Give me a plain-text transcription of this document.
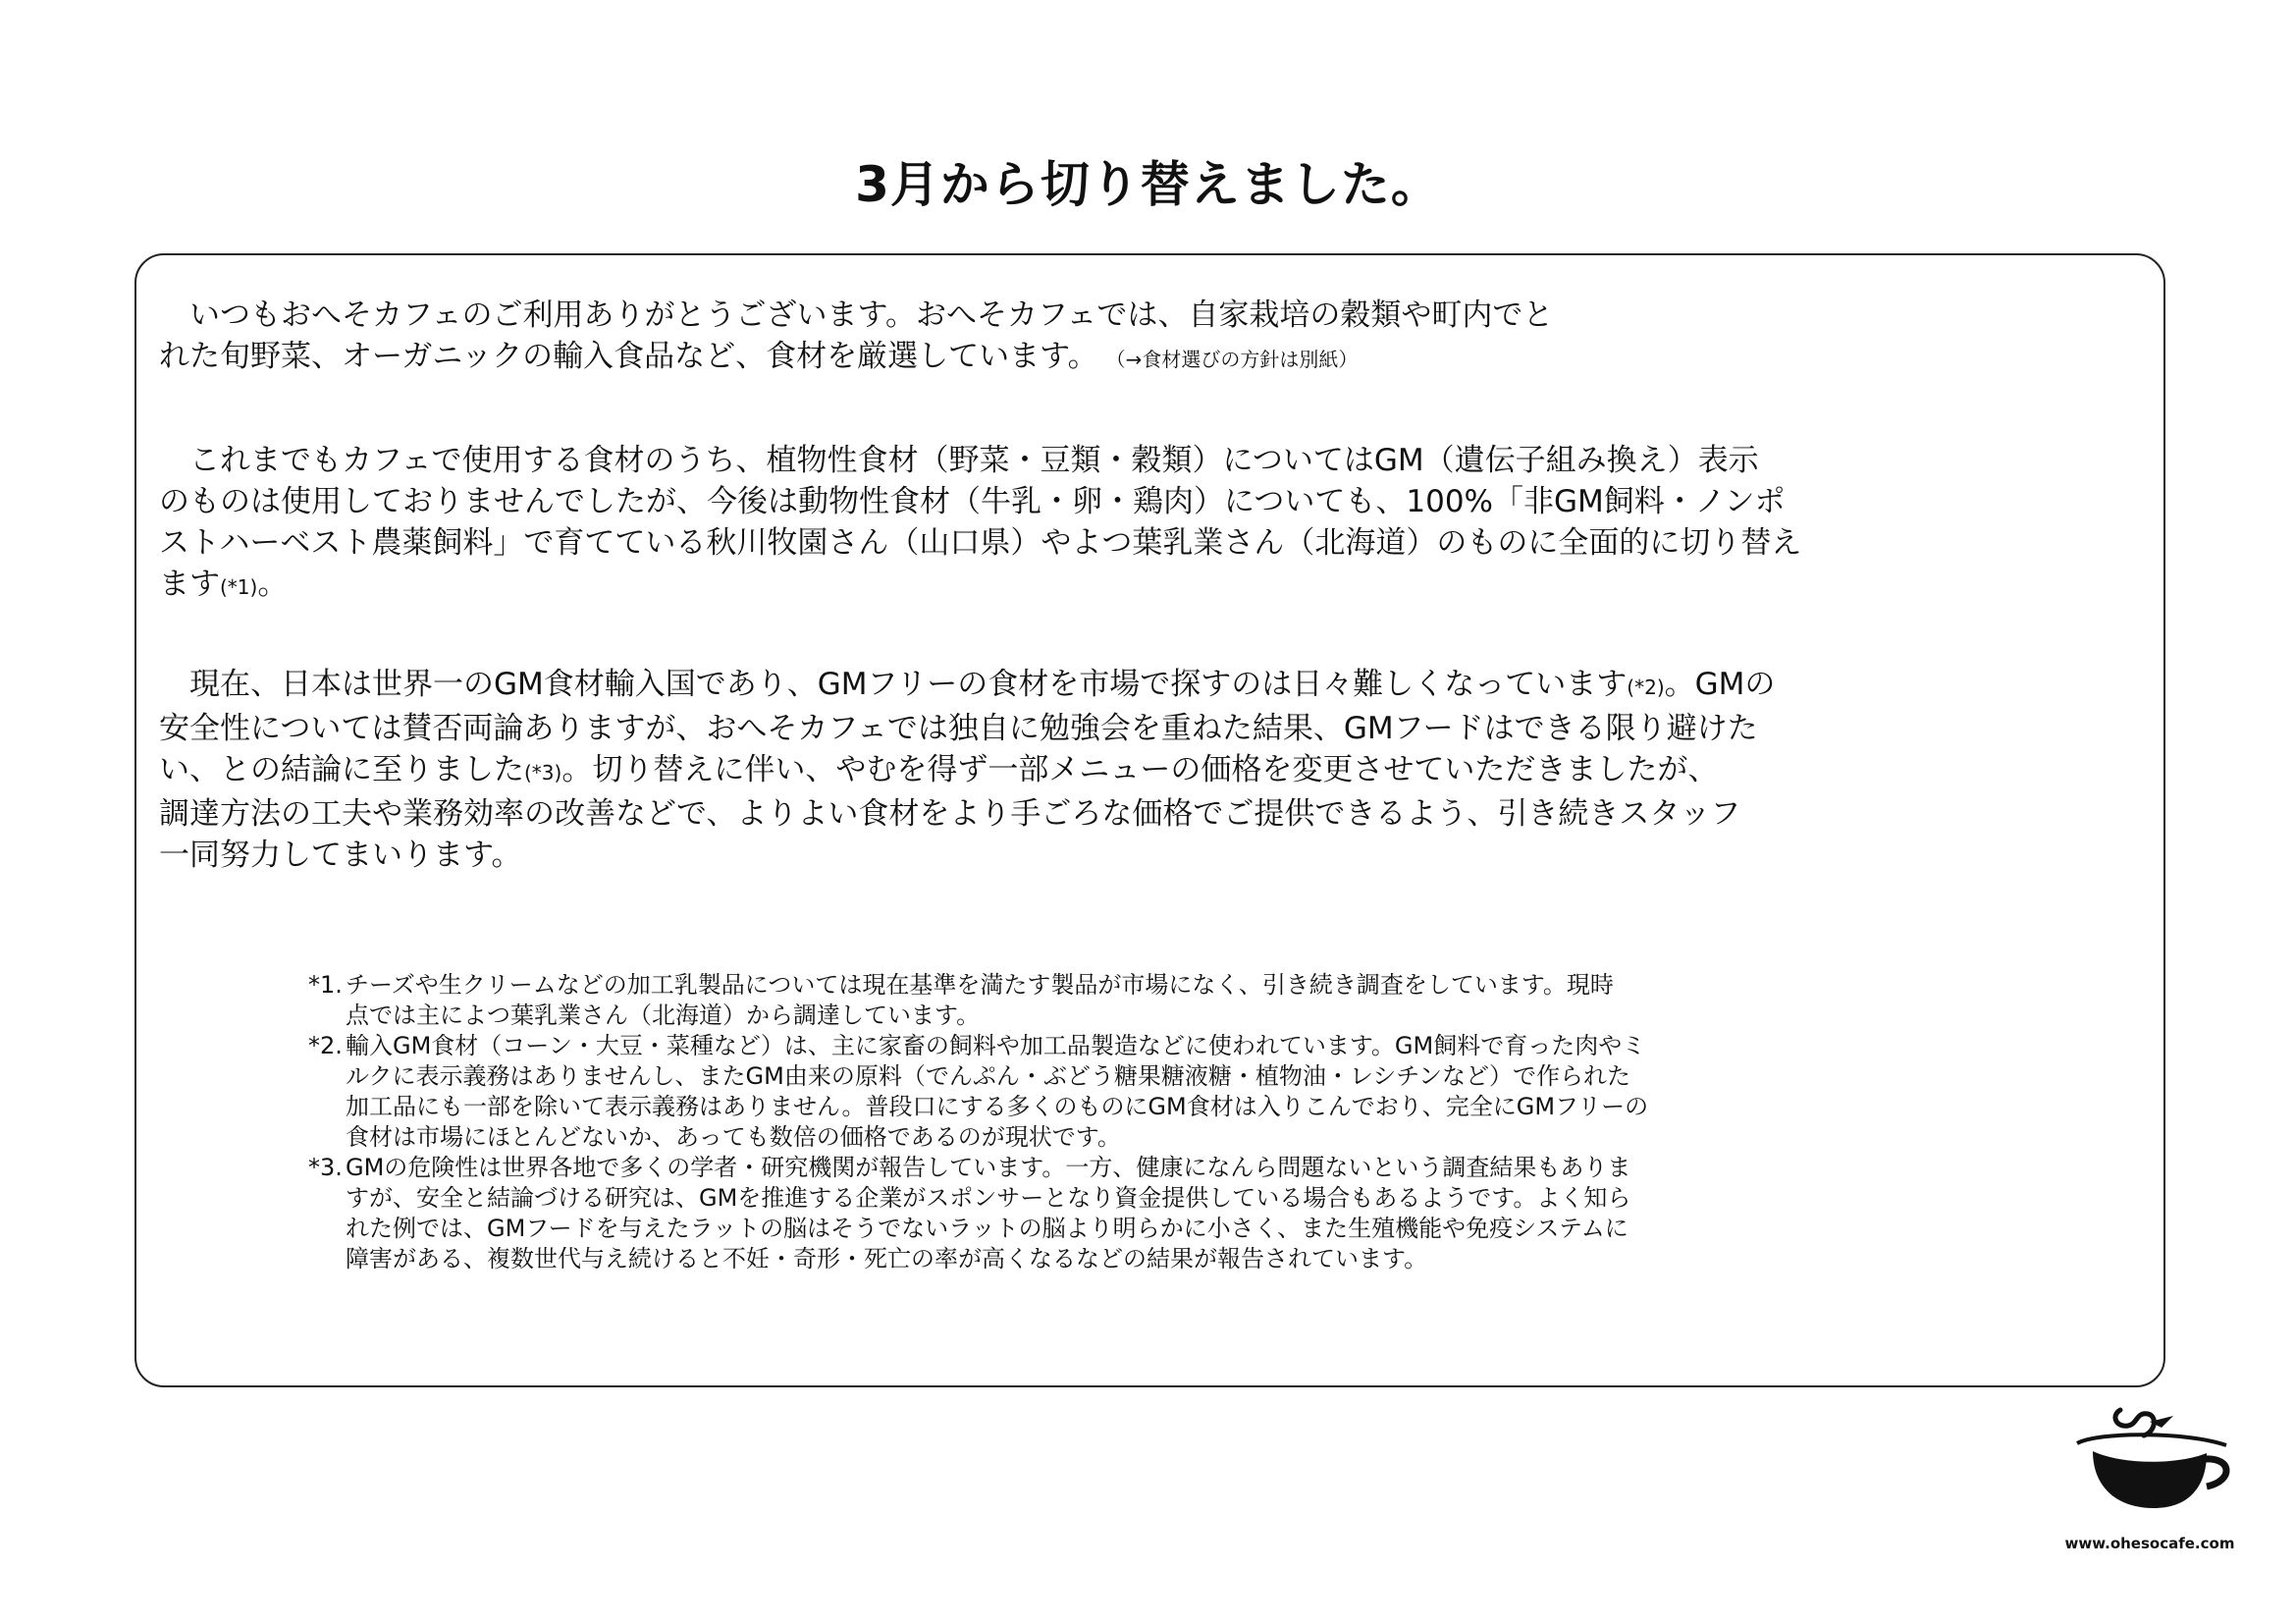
3月から切り替えました。

いつもおへそカフェのご利用ありがとうございます。おへそカフェでは、自家栽培の穀類や町内でと
れた旬野菜、オーガニックの輸入食品など、食材を厳選しています。 （→食材選びの方針は別紙）

これまでもカフェで使用する食材のうち、植物性食材（野菜・豆類・穀類）についてはGM（遺伝子組み換え）表示
のものは使用しておりませんでしたが、今後は動物性食材（牛乳・卵・鶏肉）についても、100%「非GM飼料・ノンポ
ストハーベスト農薬飼料」で育てている秋川牧園さん（山口県）やよつ葉乳業さん（北海道）のものに全面的に切り替え
ます(*1)。

現在、日本は世界一のGM食材輸入国であり、GMフリーの食材を市場で探すのは日々難しくなっています(*2)。GMの
安全性については賛否両論ありますが、おへそカフェでは独自に勉強会を重ねた結果、GMフードはできる限り避けた
い、との結論に至りました(*3)。切り替えに伴い、やむを得ず一部メニューの価格を変更させていただきましたが、
調達方法の工夫や業務効率の改善などで、よりよい食材をより手ごろな価格でご提供できるよう、引き続きスタッフ
一同努力してまいります。

*1. チーズや生クリームなどの加工乳製品については現在基準を満たす製品が市場になく、引き続き調査をしています。現時
点では主によつ葉乳業さん（北海道）から調達しています。
*2. 輸入GM食材（コーン・大豆・菜種など）は、主に家畜の飼料や加工品製造などに使われています。GM飼料で育った肉やミ
ルクに表示義務はありませんし、またGM由来の原料（でんぷん・ぶどう糖果糖液糖・植物油・レシチンなど）で作られた
加工品にも一部を除いて表示義務はありません。普段口にする多くのものにGM食材は入りこんでおり、完全にGMフリーの
食材は市場にほとんどないか、あっても数倍の価格であるのが現状です。
*3. GMの危険性は世界各地で多くの学者・研究機関が報告しています。一方、健康になんら問題ないという調査結果もありま
すが、安全と結論づける研究は、GMを推進する企業がスポンサーとなり資金提供している場合もあるようです。よく知ら
れた例では、GMフードを与えたラットの脳はそうでないラットの脳より明らかに小さく、また生殖機能や免疫システムに
障害がある、複数世代与え続けると不妊・奇形・死亡の率が高くなるなどの結果が報告されています。
www.ohesocafe.com
